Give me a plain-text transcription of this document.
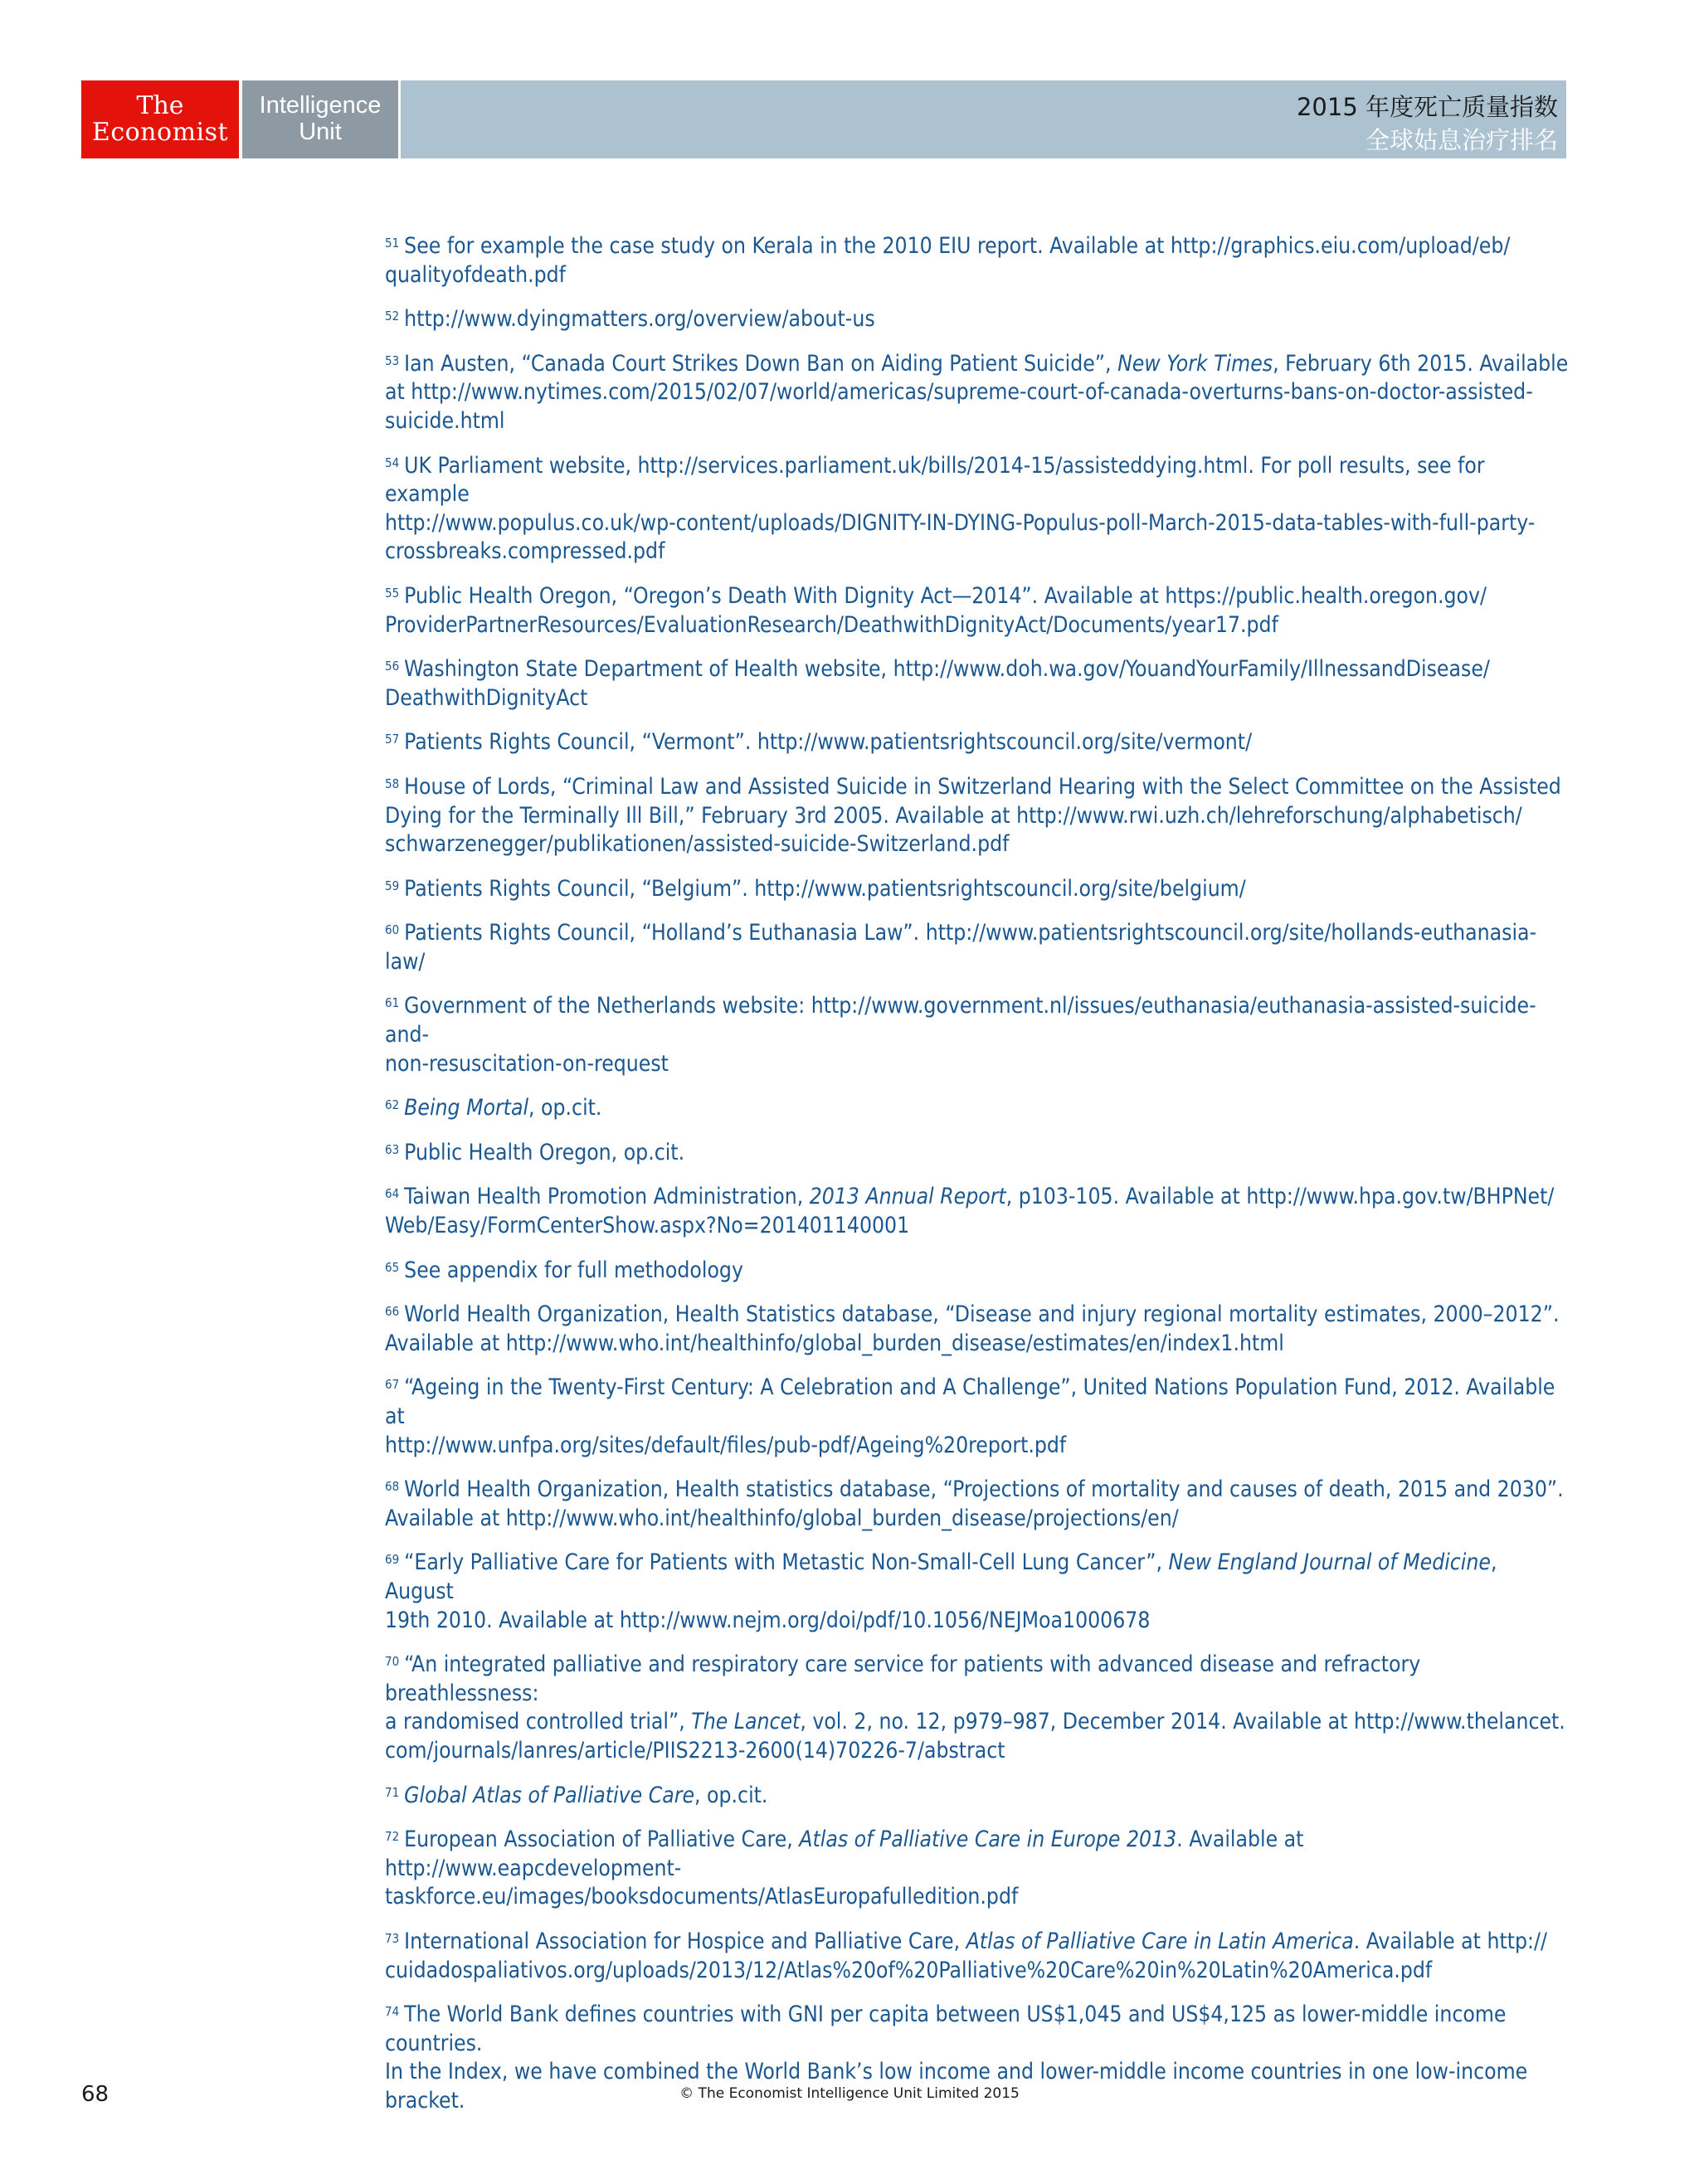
The
Economist
Intelligence
Unit
2015 年度死亡质量指数
全球姑息治疗排名
$^{51}$ See for example the case study on Kerala in the 2010 EIU report. Available at http://graphics.eiu.com/upload/eb/
qualityofdeath.pdf
$^{52}$ http://www.dyingmatters.org/overview/about-us
$^{53}$ Ian Austen, “Canada Court Strikes Down Ban on Aiding Patient Suicide”, New York Times, February 6th 2015. Available
at http://www.nytimes.com/2015/02/07/world/americas/supreme-court-of-canada-overturns-bans-on-doctor-assisted-
suicide.html
$^{54}$ UK Parliament website, http://services.parliament.uk/bills/2014-15/assisteddying.html. For poll results, see for example
http://www.populus.co.uk/wp-content/uploads/DIGNITY-IN-DYING-Populus-poll-March-2015-data-tables-with-full-party-
crossbreaks.compressed.pdf
$^{55}$ Public Health Oregon, “Oregon’s Death With Dignity Act—2014”. Available at https://public.health.oregon.gov/
ProviderPartnerResources/EvaluationResearch/DeathwithDignityAct/Documents/year17.pdf
$^{56}$ Washington State Department of Health website, http://www.doh.wa.gov/YouandYourFamily/IllnessandDisease/
DeathwithDignityAct
$^{57}$ Patients Rights Council, “Vermont”. http://www.patientsrightscouncil.org/site/vermont/
$^{58}$ House of Lords, “Criminal Law and Assisted Suicide in Switzerland Hearing with the Select Committee on the Assisted
Dying for the Terminally Ill Bill,” February 3rd 2005. Available at http://www.rwi.uzh.ch/lehreforschung/alphabetisch/
schwarzenegger/publikationen/assisted-suicide-Switzerland.pdf
$^{59}$ Patients Rights Council, “Belgium”. http://www.patientsrightscouncil.org/site/belgium/
$^{60}$ Patients Rights Council, “Holland’s Euthanasia Law”. http://www.patientsrightscouncil.org/site/hollands-euthanasia-law/
$^{61}$ Government of the Netherlands website: http://www.government.nl/issues/euthanasia/euthanasia-assisted-suicide-and-
non-resuscitation-on-request
$^{62}$ Being Mortal, op.cit.
$^{63}$ Public Health Oregon, op.cit.
$^{64}$ Taiwan Health Promotion Administration, 2013 Annual Report, p103-105. Available at http://www.hpa.gov.tw/BHPNet/
Web/Easy/FormCenterShow.aspx?No=201401140001
$^{65}$ See appendix for full methodology
$^{66}$ World Health Organization, Health Statistics database, “Disease and injury regional mortality estimates, 2000–2012”.
Available at http://www.who.int/healthinfo/global_burden_disease/estimates/en/index1.html
$^{67}$ “Ageing in the Twenty-First Century: A Celebration and A Challenge”, United Nations Population Fund, 2012. Available at
http://www.unfpa.org/sites/default/files/pub-pdf/Ageing%20report.pdf
$^{68}$ World Health Organization, Health statistics database, “Projections of mortality and causes of death, 2015 and 2030”.
Available at http://www.who.int/healthinfo/global_burden_disease/projections/en/
$^{69}$ “Early Palliative Care for Patients with Metastic Non-Small-Cell Lung Cancer”, New England Journal of Medicine, August
19th 2010. Available at http://www.nejm.org/doi/pdf/10.1056/NEJMoa1000678
$^{70}$ “An integrated palliative and respiratory care service for patients with advanced disease and refractory breathlessness:
a randomised controlled trial”, The Lancet, vol. 2, no. 12, p979–987, December 2014. Available at http://www.thelancet.
com/journals/lanres/article/PIIS2213-2600(14)70226-7/abstract
$^{71}$ Global Atlas of Palliative Care, op.cit.
$^{72}$ European Association of Palliative Care, Atlas of Palliative Care in Europe 2013. Available at http://www.eapcdevelopment-
taskforce.eu/images/booksdocuments/AtlasEuropafulledition.pdf
$^{73}$ International Association for Hospice and Palliative Care, Atlas of Palliative Care in Latin America. Available at http://
cuidadospaliativos.org/uploads/2013/12/Atlas%20of%20Palliative%20Care%20in%20Latin%20America.pdf
$^{74}$ The World Bank defines countries with GNI per capita between US$1,045 and US$4,125 as lower-middle income countries.
In the Index, we have combined the World Bank’s low income and lower-middle income countries in one low-income
bracket.
68	© The Economist Intelligence Unit Limited 2015
